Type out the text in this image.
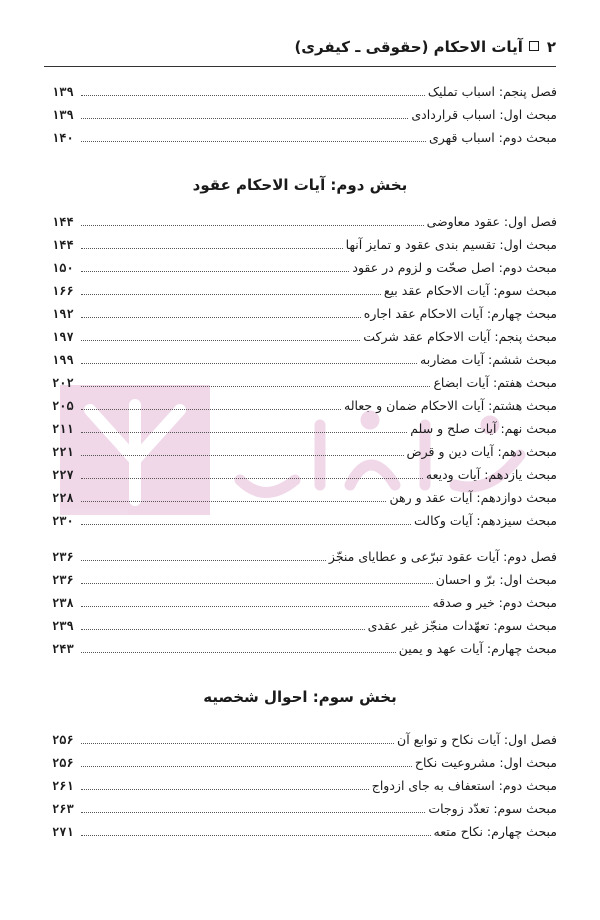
۲آیات الاحکام (حقوقی ـ کیفری)
فصل پنجم: اسباب تملیک
۱۳۹
مبحث اول: اسباب قراردادی
۱۳۹
مبحث دوم: اسباب قهری
۱۴۰
بخش دوم: آیات الاحکام عقود
فصل اول: عقود معاوضی
۱۴۴
مبحث اول: تقسیم بندی عقود و تمایز آنها
۱۴۴
مبحث دوم: اصل صحّت و لزوم در عقود
۱۵۰
مبحث سوم: آیات الاحکام عقد بیع
۱۶۶
مبحث چهارم: آیات الاحکام عقد اجاره
۱۹۲
مبحث پنجم: آیات الاحکام عقد شرکت
۱۹۷
مبحث ششم: آیات مضاربه
۱۹۹
مبحث هفتم: آیات ابضاع
۲۰۲
مبحث هشتم: آیات الاحکام ضمان و جعاله
۲۰۵
مبحث نهم: آیات صلح و سلم
۲۱۱
مبحث دهم: آیات دین و قرض
۲۲۱
مبحث یازدهم: آیات ودیعه
۲۲۷
مبحث دوازدهم: آیات عقد و رهن
۲۲۸
مبحث سیزدهم: آیات وکالت
۲۳۰
فصل دوم: آیات عقود تبرّعی و عطایای منجّز
۲۳۶
مبحث اول: برّ و احسان
۲۳۶
مبحث دوم: خیر و صدقه
۲۳۸
مبحث سوم: تعهّدات منجّز غیر عقدی
۲۳۹
مبحث چهارم: آیات عهد و یمین
۲۴۳
بخش سوم: احوال شخصیه
فصل اول: آیات نکاح و توابع آن
۲۵۶
مبحث اول: مشروعیت نکاح
۲۵۶
مبحث دوم: استعفاف به جای ازدواج
۲۶۱
مبحث سوم: تعدّد زوجات
۲۶۳
مبحث چهارم: نکاح متعه
۲۷۱
